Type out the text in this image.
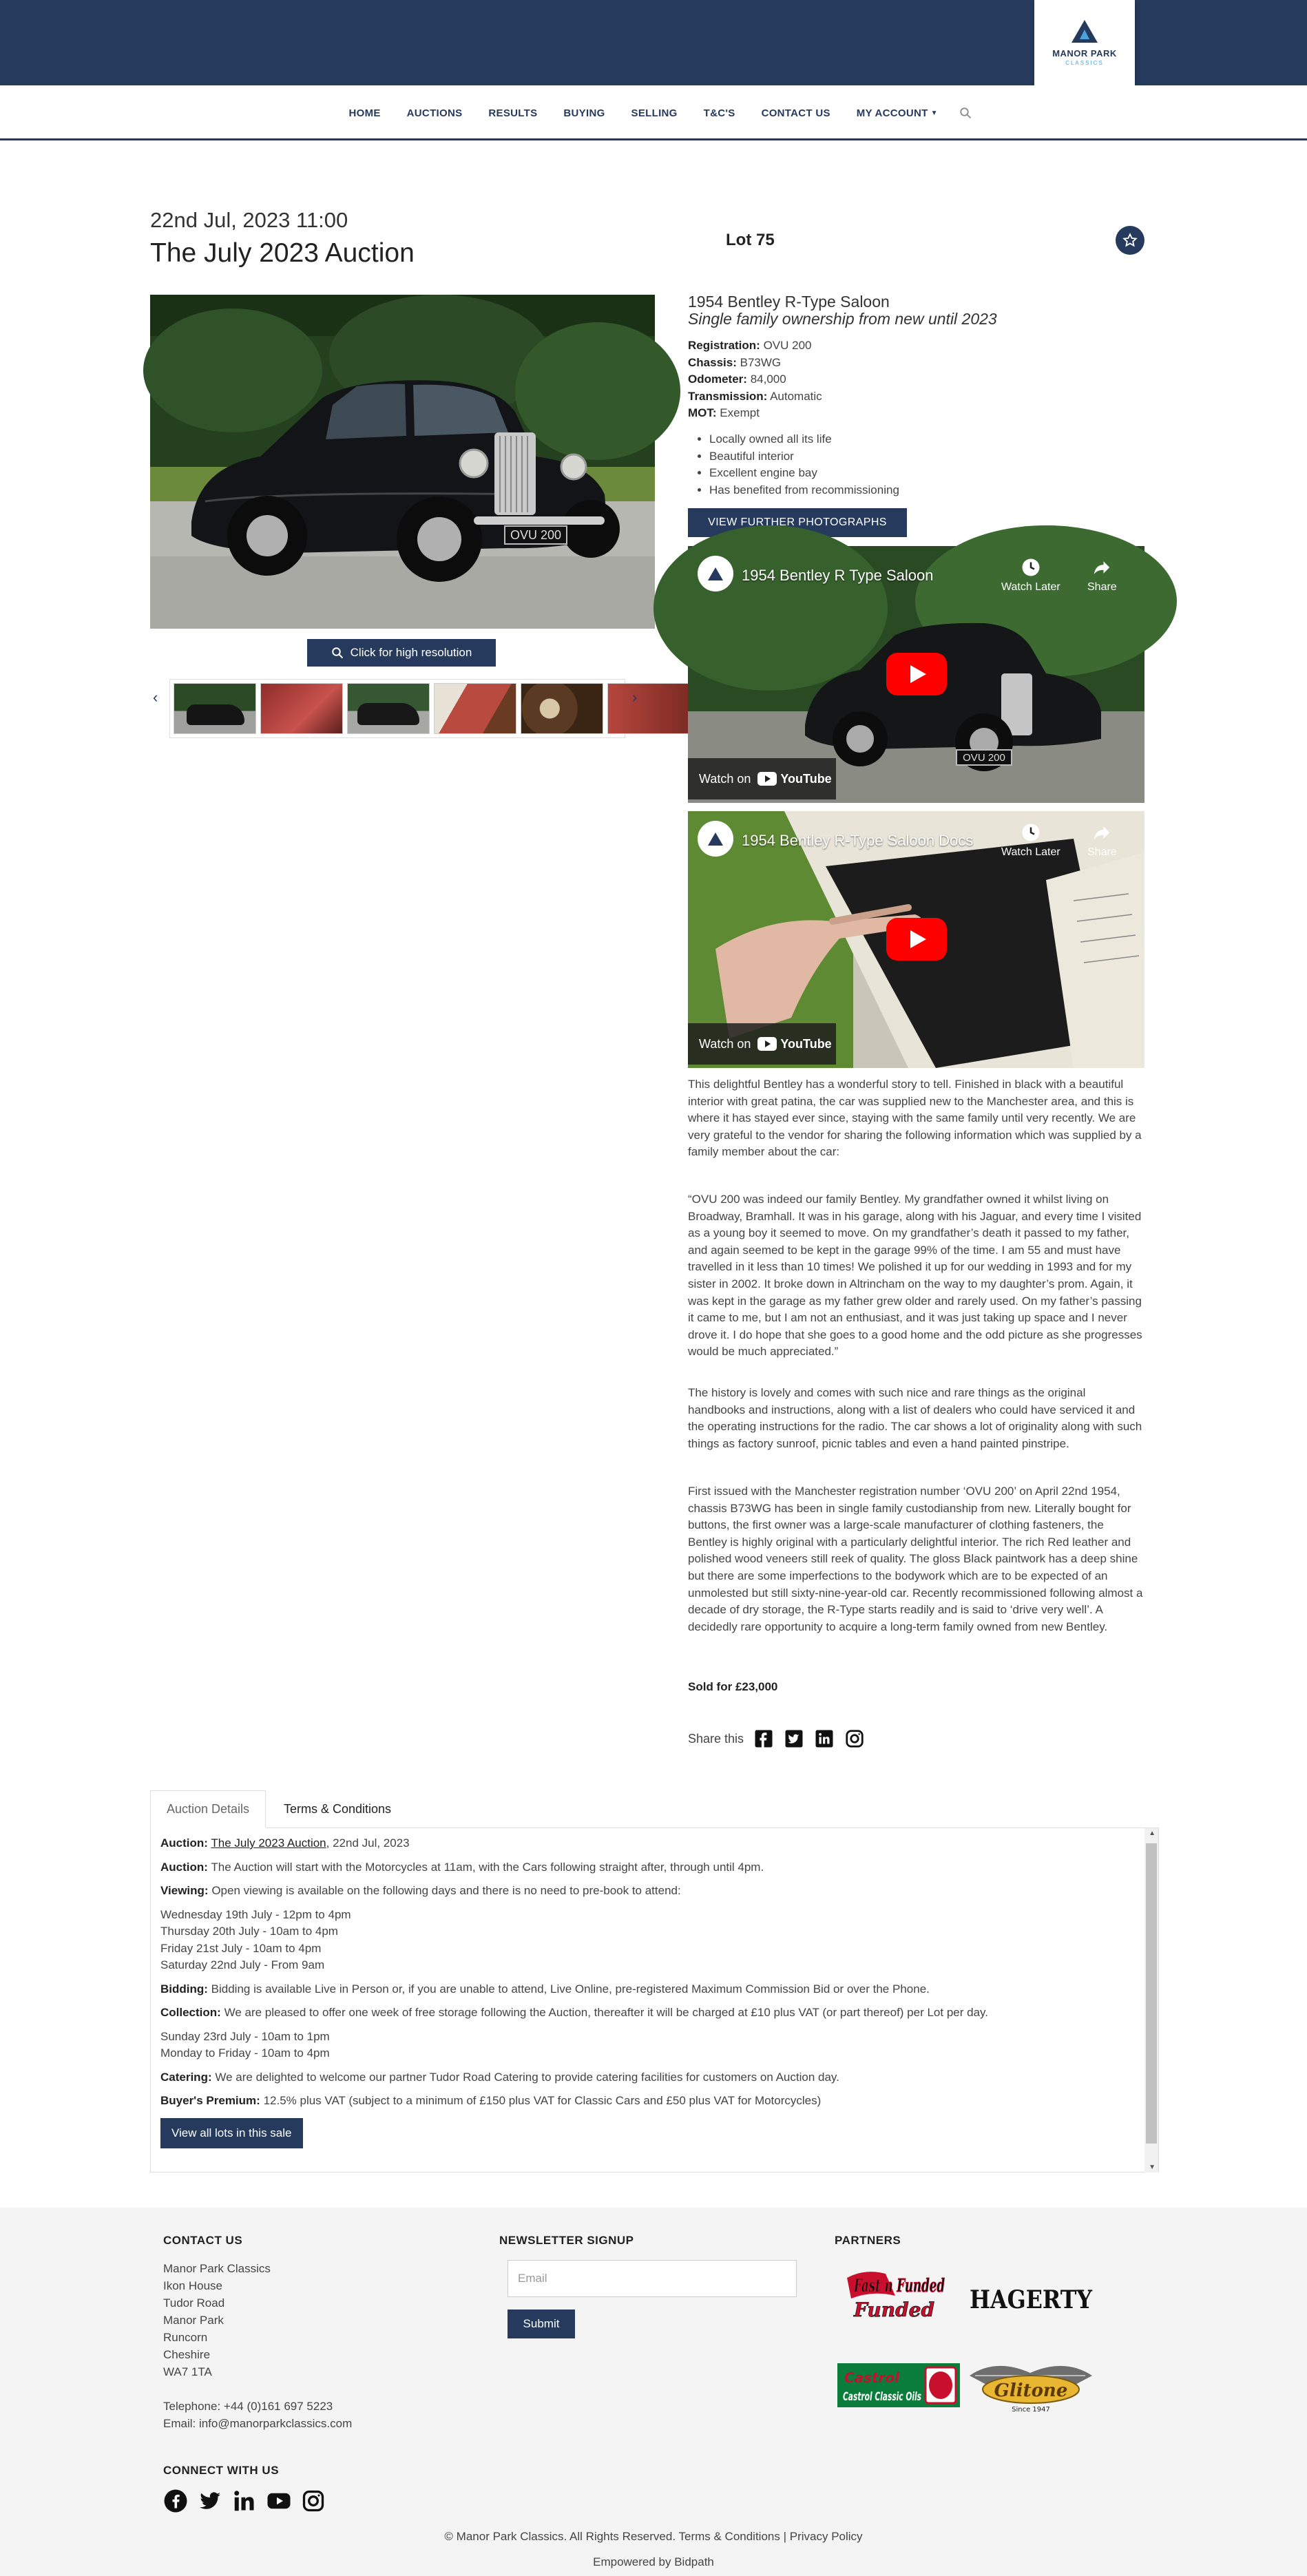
MANOR PARK
CLASSICS
HOME	AUCTIONS	RESULTS	BUYING	SELLING	T&C'S	CONTACT US	MY ACCOUNT ▼
22nd Jul, 2023 11:00
The July 2023 Auction	Lot 75
OVU 200
Click for high resolution
‹	›
1954 Bentley R-Type Saloon
Single family ownership from new until 2023
Registration: OVU 200
Chassis: B73WG
Odometer: 84,000
Transmission: Automatic
MOT: Exempt
• Locally owned all its life
• Beautiful interior
• Excellent engine bay
• Has benefited from recommissioning
VIEW FURTHER PHOTOGRAPHS
OVU 200
1954 Bentley R Type Saloon
Watch Later Share
Watch on YouTube
1954 Bentley R-Type Saloon Docs
Watch Later Share
Watch on YouTube

This delightful Bentley has a wonderful story to tell. Finished in black with a beautiful interior with great patina, the car was supplied new to the Manchester area, and this is where it has stayed ever since, staying with the same family until very recently. We are very grateful to the vendor for sharing the following information which was supplied by a family member about the car:

“OVU 200 was indeed our family Bentley. My grandfather owned it whilst living on Broadway, Bramhall. It was in his garage, along with his Jaguar, and every time I visited as a young boy it seemed to move. On my grandfather’s death it passed to my father, and again seemed to be kept in the garage 99% of the time. I am 55 and must have travelled in it less than 10 times! We polished it up for our wedding in 1993 and for my sister in 2002. It broke down in Altrincham on the way to my daughter’s prom. Again, it was kept in the garage as my father grew older and rarely used. On my father’s passing it came to me, but I am not an enthusiast, and it was just taking up space and I never drove it. I do hope that she goes to a good home and the odd picture as she progresses would be much appreciated.”

The history is lovely and comes with such nice and rare things as the original handbooks and instructions, along with a list of dealers who could have serviced it and the operating instructions for the radio. The car shows a lot of originality along with such things as factory sunroof, picnic tables and even a hand painted pinstripe.

First issued with the Manchester registration number ‘OVU 200’ on April 22nd 1954, chassis B73WG has been in single family custodianship from new. Literally bought for buttons, the first owner was a large-scale manufacturer of clothing fasteners, the Bentley is highly original with a particularly delightful interior. The rich Red leather and polished wood veneers still reek of quality. The gloss Black paintwork has a deep shine but there are some imperfections to the bodywork which are to be expected of an unmolested but still sixty-nine-year-old car. Recently recommissioned following almost a decade of dry storage, the R-Type starts readily and is said to ‘drive very well’. A decidedly rare opportunity to acquire a long-term family owned from new Bentley.

Sold for £23,000
Share this
Auction Details	Terms & Conditions

Auction: The July 2023 Auction, 22nd Jul, 2023

Auction: The Auction will start with the Motorcycles at 11am, with the Cars following straight after, through until 4pm.

Viewing: Open viewing is available on the following days and there is no need to pre-book to attend:

Wednesday 19th July - 12pm to 4pm
Thursday 20th July - 10am to 4pm
Friday 21st July - 10am to 4pm
Saturday 22nd July - From 9am

Bidding: Bidding is available Live in Person or, if you are unable to attend, Live Online, pre-registered Maximum Commission Bid or over the Phone.

Collection: We are pleased to offer one week of free storage following the Auction, thereafter it will be charged at £10 plus VAT (or part thereof) per Lot per day.

Sunday 23rd July - 10am to 1pm
Monday to Friday - 10am to 4pm

Catering: We are delighted to welcome our partner Tudor Road Catering to provide catering facilities for customers on Auction day.

Buyer's Premium: 12.5% plus VAT (subject to a minimum of £150 plus VAT for Classic Cars and £50 plus VAT for Motorcycles)

View all lots in this sale
▲
▼
CONTACT US
Manor Park Classics
Ikon House
Tudor Road
Manor Park
Runcorn
Cheshire
WA7 1TA
Telephone: +44 (0)161 697 5223
Email: info@manorparkclassics.com
NEWSLETTER SIGNUP
Email
Submit
PARTNERS
Fast n Funded
Funded HAGERTY
Castrol Classic Oils
Castrol
Glitone
Since 1947
CONNECT WITH US
© Manor Park Classics. All Rights Reserved. Terms & Conditions | Privacy Policy
Empowered by Bidpath
